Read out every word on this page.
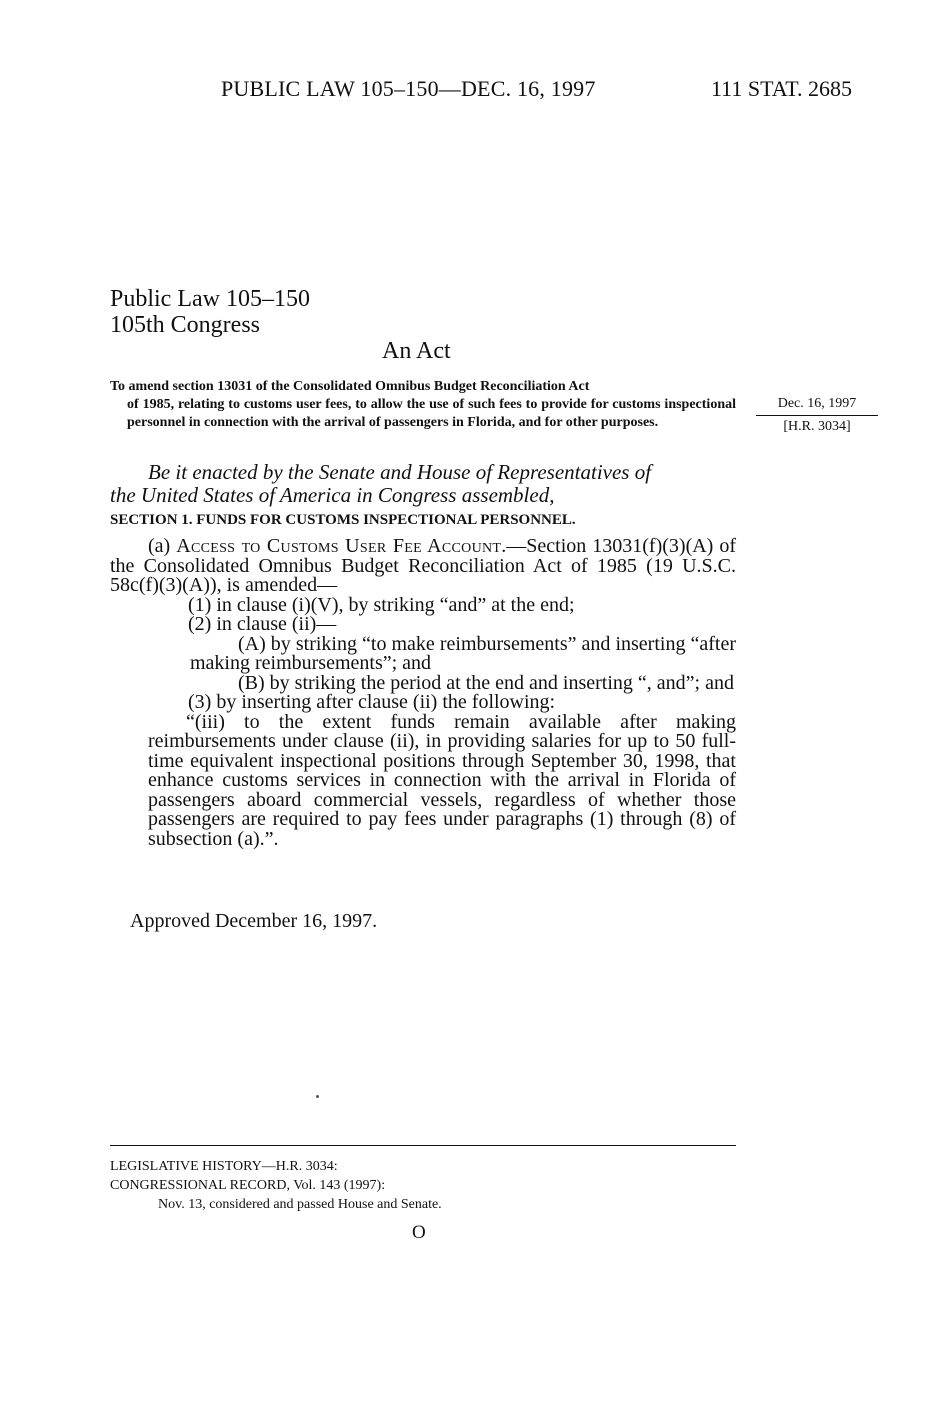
PUBLIC LAW 105–150—DEC. 16, 1997	111 STAT. 2685
Public Law 105–150
105th Congress
An Act
To amend section 13031 of the Consolidated Omnibus Budget Reconciliation Act
of 1985, relating to customs user fees, to allow the use of such fees to provide for customs inspectional personnel in connection with the arrival of passengers in Florida, and for other purposes.
Dec. 16, 1997
[H.R. 3034]
Be it enacted by the Senate and House of Representatives of
the United States of America in Congress assembled,
SECTION 1. FUNDS FOR CUSTOMS INSPECTIONAL PERSONNEL.
(a) Access to Customs User Fee Account.—Section 13031(f)(3)(A) of the Consolidated Omnibus Budget Reconciliation Act of 1985 (19 U.S.C. 58c(f)(3)(A)), is amended—
(1) in clause (i)(V), by striking “and” at the end;
(2) in clause (ii)—
(A) by striking “to make reimbursements” and inserting “after making reimbursements”; and
(B) by striking the period at the end and inserting “, and”; and
(3) by inserting after clause (ii) the following:
“(iii) to the extent funds remain available after making reimbursements under clause (ii), in providing salaries for up to 50 full-time equivalent inspectional positions through September 30, 1998, that enhance customs services in connection with the arrival in Florida of passengers aboard commercial vessels, regardless of whether those passengers are required to pay fees under paragraphs (1) through (8) of subsection (a).”.
Approved December 16, 1997.
LEGISLATIVE HISTORY—H.R. 3034:
CONGRESSIONAL RECORD, Vol. 143 (1997):
Nov. 13, considered and passed House and Senate.
O
